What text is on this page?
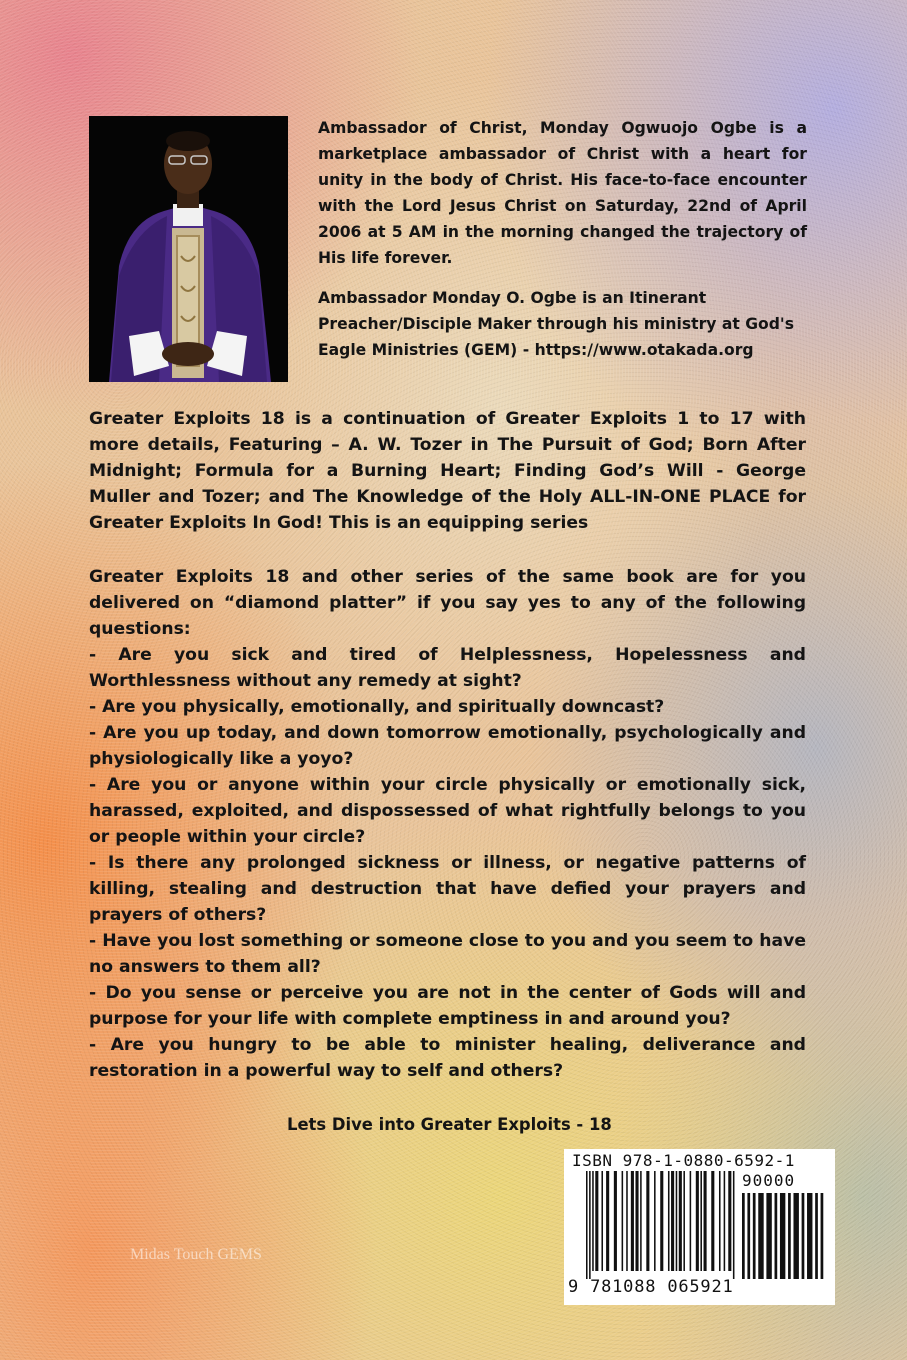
Ambassador of Christ, Monday Ogwuojo Ogbe is a marketplace ambassador of Christ with a heart for unity in the body of Christ. His face-to-face encounter with the Lord Jesus Christ on Saturday, 22nd of April 2006 at 5 AM in the morning changed the trajectory of His life forever.
Ambassador Monday O. Ogbe is an Itinerant
Preacher/Disciple Maker through his ministry at God's
Eagle Ministries (GEM) - https://www.otakada.org
Greater Exploits 18 is a continuation of Greater Exploits 1 to 17 with more details, Featuring – A. W. Tozer in The Pursuit of God; Born After Midnight; Formula for a Burning Heart; Finding God’s Will - George Muller and Tozer; and The Knowledge of the Holy ALL-IN-ONE PLACE for Greater Exploits In God! This is an equipping series
Greater Exploits 18 and other series of the same book are for you delivered on “diamond platter” if you say yes to any of the following questions:
- Are you sick and tired of Helplessness, Hopelessness and Worthlessness without any remedy at sight?
- Are you physically, emotionally, and spiritually downcast?
- Are you up today, and down tomorrow emotionally, psychologically and physiologically like a yoyo?
- Are you or anyone within your circle physically or emotionally sick, harassed, exploited, and dispossessed of what rightfully belongs to you or people within your circle?
- Is there any prolonged sickness or illness, or negative patterns of killing, stealing and destruction that have defied your prayers and prayers of others?
- Have you lost something or someone close to you and you seem to have no answers to them all?
- Do you sense or perceive you are not in the center of Gods will and purpose for your life with complete emptiness in and around you?
- Are you hungry to be able to minister healing, deliverance and restoration in a powerful way to self and others?
Lets Dive into Greater Exploits - 18
Midas Touch GEMS
ISBN 978-1-0880-6592-1
90000
9 781088 065921
